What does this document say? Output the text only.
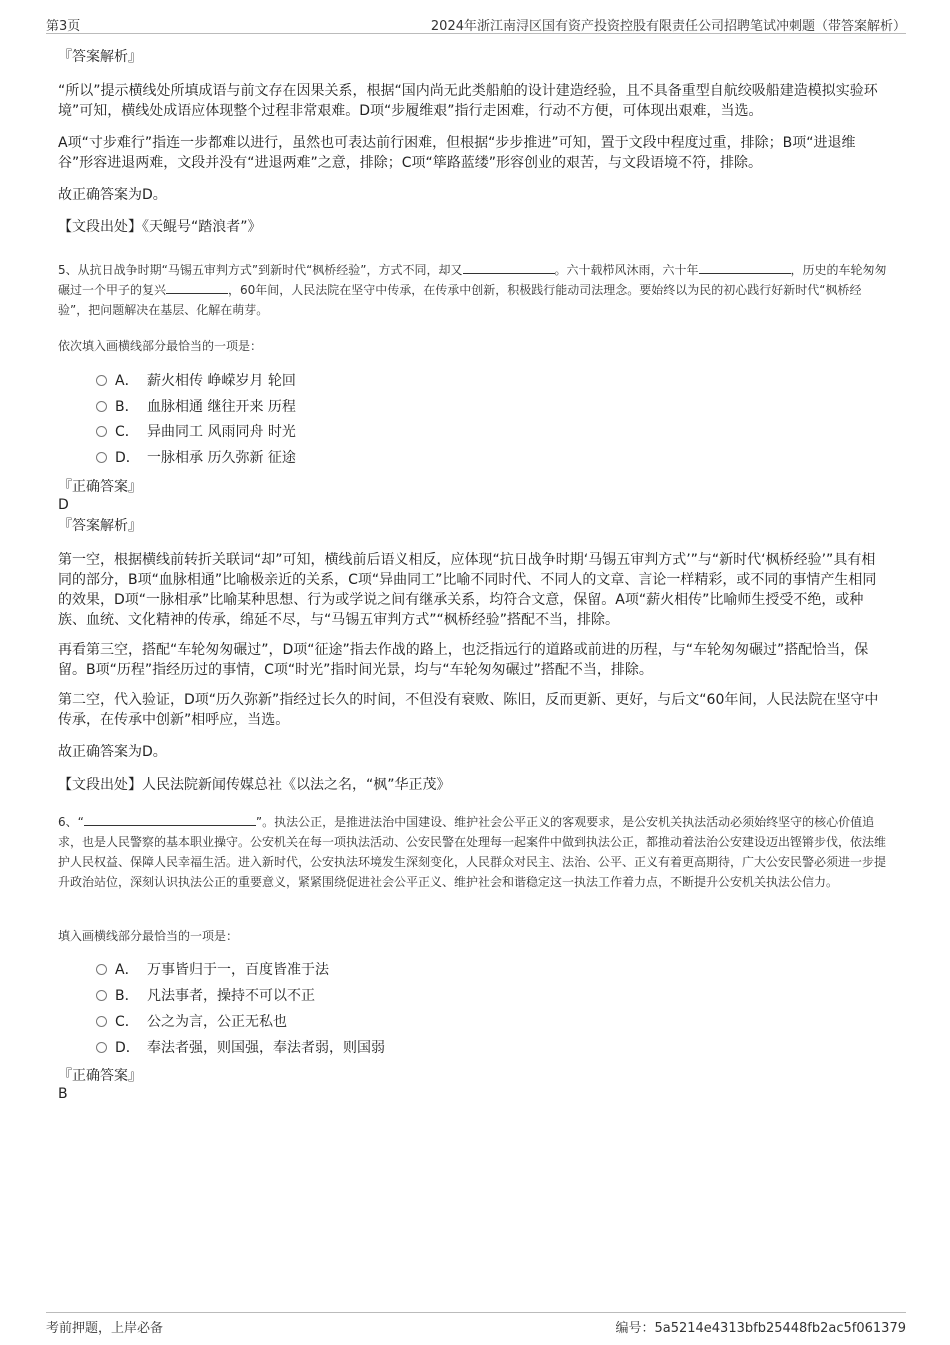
第3页	2024年浙江南浔区国有资产投资控股有限责任公司招聘笔试冲刺题（带答案解析）
『答案解析』
“所以”提示横线处所填成语与前文存在因果关系，根据“国内尚无此类船舶的设计建造经验，且不具备重型自航绞吸船建造模拟实验环境”可知，横线处成语应体现整个过程非常艰难。D项“步履维艰”指行走困难，行动不方便，可体现出艰难，当选。
A项“寸步难行”指连一步都难以进行，虽然也可表达前行困难，但根据“步步推进”可知，置于文段中程度过重，排除；B项“进退维谷”形容进退两难，文段并没有“进退两难”之意，排除；C项“筚路蓝缕”形容创业的艰苦，与文段语境不符，排除。
故正确答案为D。
【文段出处】《天鲲号“踏浪者”》
5、从抗日战争时期“马锡五审判方式”到新时代“枫桥经验”，方式不同，却又	。六十载栉风沐雨，六十年	，历史的车轮匆匆碾过一个甲子的复兴	，60年间，人民法院在坚守中传承，在传承中创新，积极践行能动司法理念。要始终以为民的初心践行好新时代“枫桥经验”，把问题解决在基层、化解在萌芽。
依次填入画横线部分最恰当的一项是：
A． 薪火相传 峥嵘岁月 轮回
B． 血脉相通 继往开来 历程
C． 异曲同工 风雨同舟 时光
D． 一脉相承 历久弥新 征途
『正确答案』
D
『答案解析』
第一空，根据横线前转折关联词“却”可知，横线前后语义相反，应体现“抗日战争时期‘马锡五审判方式’”与“新时代‘枫桥经验’”具有相同的部分，B项“血脉相通”比喻极亲近的关系，C项“异曲同工”比喻不同时代、不同人的文章、言论一样精彩，或不同的事情产生相同的效果，D项“一脉相承”比喻某种思想、行为或学说之间有继承关系，均符合文意，保留。A项“薪火相传”比喻师生授受不绝，或种族、血统、文化精神的传承，绵延不尽，与“马锡五审判方式”“枫桥经验”搭配不当，排除。
再看第三空，搭配“车轮匆匆碾过”，D项“征途”指去作战的路上，也泛指远行的道路或前进的历程，与“车轮匆匆碾过”搭配恰当，保留。B项“历程”指经历过的事情，C项“时光”指时间光景，均与“车轮匆匆碾过”搭配不当，排除。
第二空，代入验证，D项“历久弥新”指经过长久的时间，不但没有衰败、陈旧，反而更新、更好，与后文“60年间，人民法院在坚守中传承，在传承中创新”相呼应，当选。
故正确答案为D。
【文段出处】人民法院新闻传媒总社《以法之名，“枫”华正茂》
6、“	”。执法公正，是推进法治中国建设、维护社会公平正义的客观要求，是公安机关执法活动必须始终坚守的核心价值追求，也是人民警察的基本职业操守。公安机关在每一项执法活动、公安民警在处理每一起案件中做到执法公正，都推动着法治公安建设迈出铿锵步伐，依法维护人民权益、保障人民幸福生活。进入新时代，公安执法环境发生深刻变化，人民群众对民主、法治、公平、正义有着更高期待，广大公安民警必须进一步提升政治站位，深刻认识执法公正的重要意义，紧紧围绕促进社会公平正义、维护社会和谐稳定这一执法工作着力点，不断提升公安机关执法公信力。
填入画横线部分最恰当的一项是：
A． 万事皆归于一，百度皆准于法
B． 凡法事者，操持不可以不正
C． 公之为言，公正无私也
D． 奉法者强，则国强，奉法者弱，则国弱
『正确答案』
B
考前押题，上岸必备	编号：5a5214e4313bfb25448fb2ac5f061379
